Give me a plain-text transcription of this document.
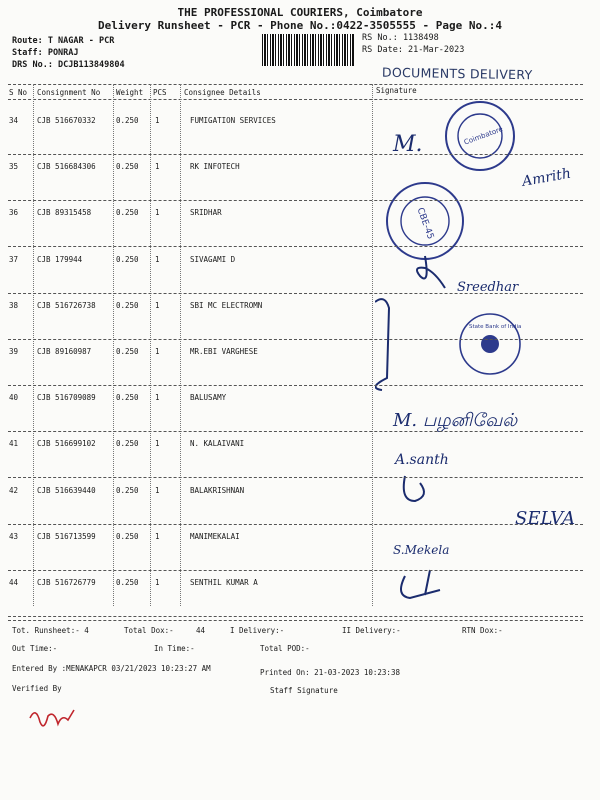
THE PROFESSIONAL COURIERS, Coimbatore
Delivery Runsheet - PCR - Phone No.:0422-3505555 - Page No.:4
Route: T NAGAR - PCR
Staff: PONRAJ
DRS No.: DCJB113849804
RS No.: 1138498
RS Date: 21-Mar-2023
DOCUMENTS DELIVERY
S No Consignment No Weight PCS Consignee Details	Signature
34	CJB 516670332	0.250 1	FUMIGATION SERVICES
35	CJB 516684306	0.250 1	RK INFOTECH
36	CJB 89315458	0.250 1	SRIDHAR
37	CJB 179944	0.250 1	SIVAGAMI D
38	CJB 516726738	0.250 1	SBI MC ELECTROMN
39	CJB 89160987	0.250 1	MR.EBI VARGHESE
40	CJB 516709089	0.250 1	BALUSAMY
41	CJB 516699102	0.250 1	N. KALAIVANI
42	CJB 516639440	0.250 1	BALAKRISHNAN
43	CJB 516713599	0.250 1	MANIMEKALAI
44	CJB 516726779	0.250 1	SENTHIL KUMAR A
Coimbatore
M.
Amrith
CBE-45
Sreedhar
State Bank of India
M. பழனிவேல்
A.santh
SELVA
S.Mekela
Tot. Runsheet:- 4	Total Dox:-	44	I Delivery:-	II Delivery:-	RTN Dox:-
Out Time:-	In Time:-	Total POD:-
Entered By :MENAKAPCR 03/21/2023 10:23:27 AM	Printed On: 21-03-2023 10:23:38
Verified By	Staff Signature
